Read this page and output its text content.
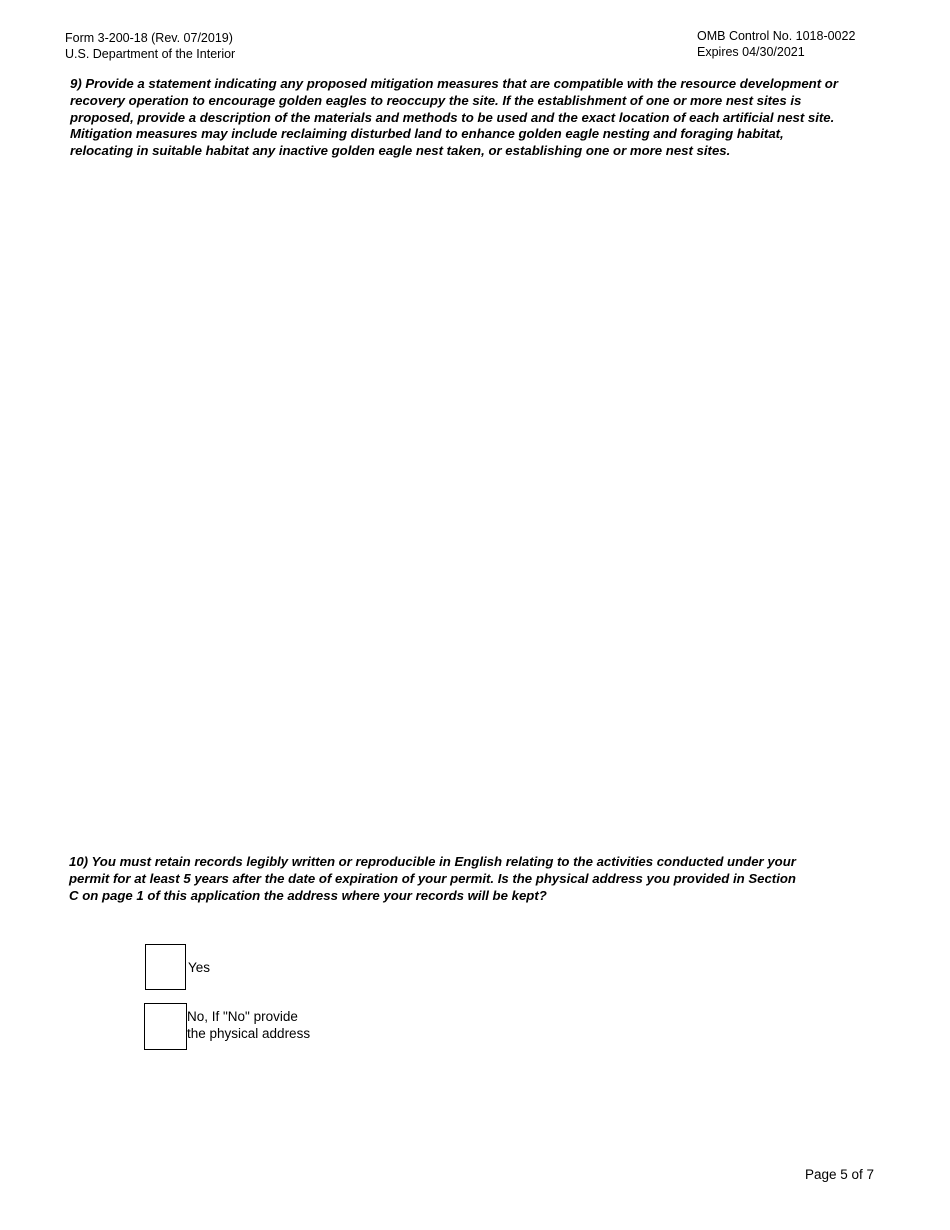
Form 3-200-18 (Rev. 07/2019)
U.S. Department of the Interior
OMB Control No. 1018-0022
Expires 04/30/2021
9) Provide a statement indicating any proposed mitigation measures that are compatible with the resource development or
recovery operation to encourage golden eagles to reoccupy the site. If the establishment of one or more nest sites is
proposed, provide a description of the materials and methods to be used and the exact location of each artificial nest site.
Mitigation measures may include reclaiming disturbed land to enhance golden eagle nesting and foraging habitat,
relocating in suitable habitat any inactive golden eagle nest taken, or establishing one or more nest sites.
10) You must retain records legibly written or reproducible in English relating to the activities conducted under your
permit for at least 5 years after the date of expiration of your permit. Is the physical address you provided in Section
C on page 1 of this application the address where your records will be kept?
Yes
No, If "No" provide
the physical address
Page 5 of 7
